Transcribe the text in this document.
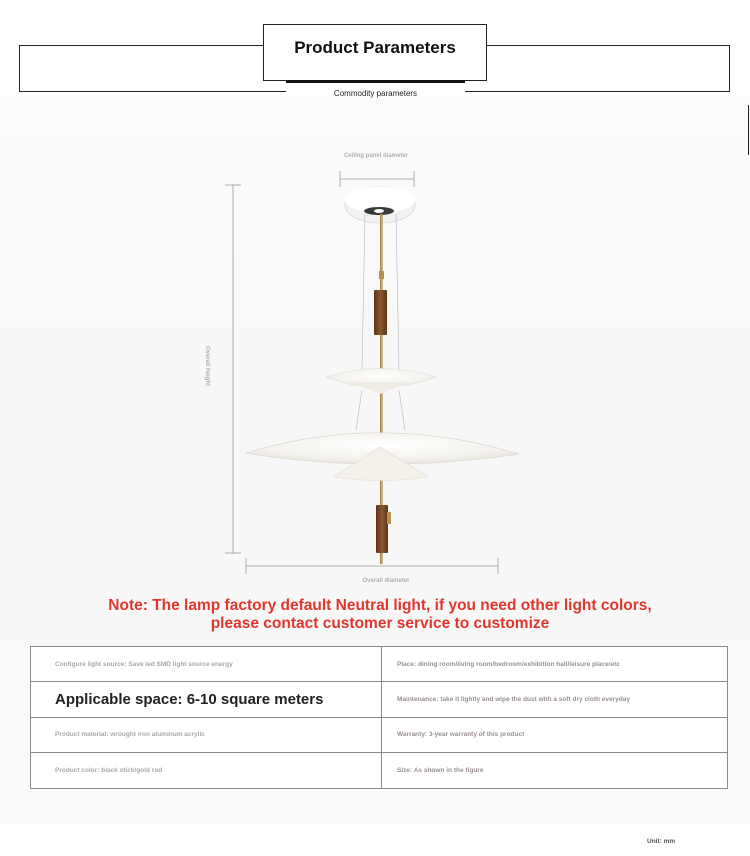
Product Parameters
Commodity parameters
Ceiling panel diameter
Overall height
Overall diameter
Note: The lamp factory default Neutral light, if you need other light colors,
please contact customer service to customize
Configure light source: Save led SMD light source energy	Place: dining room/living room/bedroom/exhibition hall/leisure place/etc
Applicable space: 6-10 square meters	Maintenance: take it lightly and wipe the dust with a soft dry cloth everyday
Product material: wrought iron aluminum acrylic	Warranty: 3-year warranty of this product
Product color: black stick/gold rod	Size: As shown in the figure
Unit: mm
